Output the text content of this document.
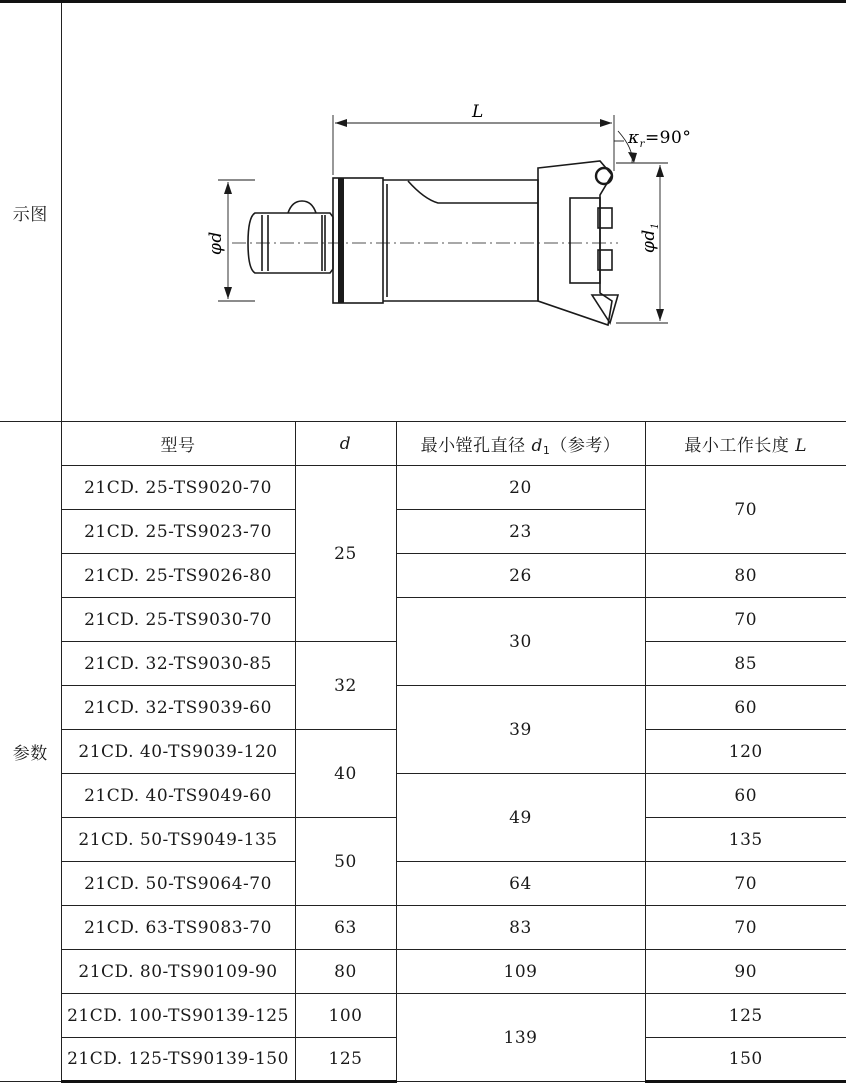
示图	L
$\kappa_r=90^\circ$
φd $\varphi d_1$

参数	型号	d	最小镗孔直径 $d_1$（参考）	最小工作长度 L
	21CD. 25-TS9020-70	25	20	70
	21CD. 25-TS9023-70		23	
	21CD. 25-TS9026-80		26	80
	21CD. 25-TS9030-70		30	70
	21CD. 32-TS9030-85	32		85
	21CD. 32-TS9039-60		39	60
	21CD. 40-TS9039-120	40		120
	21CD. 40-TS9049-60		49	60
	21CD. 50-TS9049-135	50		135
	21CD. 50-TS9064-70		64	70
	21CD. 63-TS9083-70	63	83	70
	21CD. 80-TS90109-90	80	109	90
	21CD. 100-TS90139-125	100	139	125
	21CD. 125-TS90139-150	125		150
